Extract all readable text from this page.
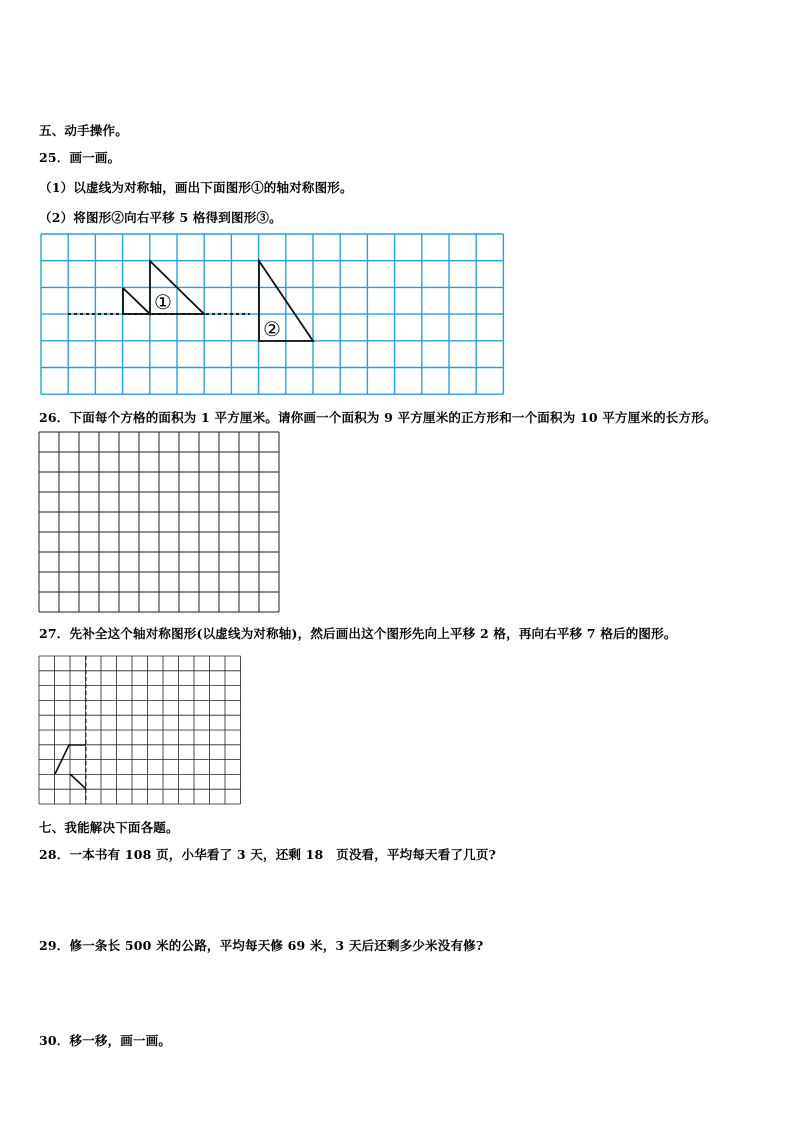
五、动手操作。
25．画一画。
（1）以虚线为对称轴，画出下面图形①的轴对称图形。
（2）将图形②向右平移 5 格得到图形③。
①
②
26．下面每个方格的面积为 1 平方厘米。请你画一个面积为 9 平方厘米的正方形和一个面积为 10 平方厘米的长方形。
27．先补全这个轴对称图形(以虚线为对称轴)，然后画出这个图形先向上平移 2 格，再向右平移 7 格后的图形。
七、我能解决下面各题。
28．一本书有 108 页，小华看了 3 天，还剩 18　页没看，平均每天看了几页?
29．修一条长 500 米的公路，平均每天修 69 米，3 天后还剩多少米没有修?
30．移一移，画一画。
